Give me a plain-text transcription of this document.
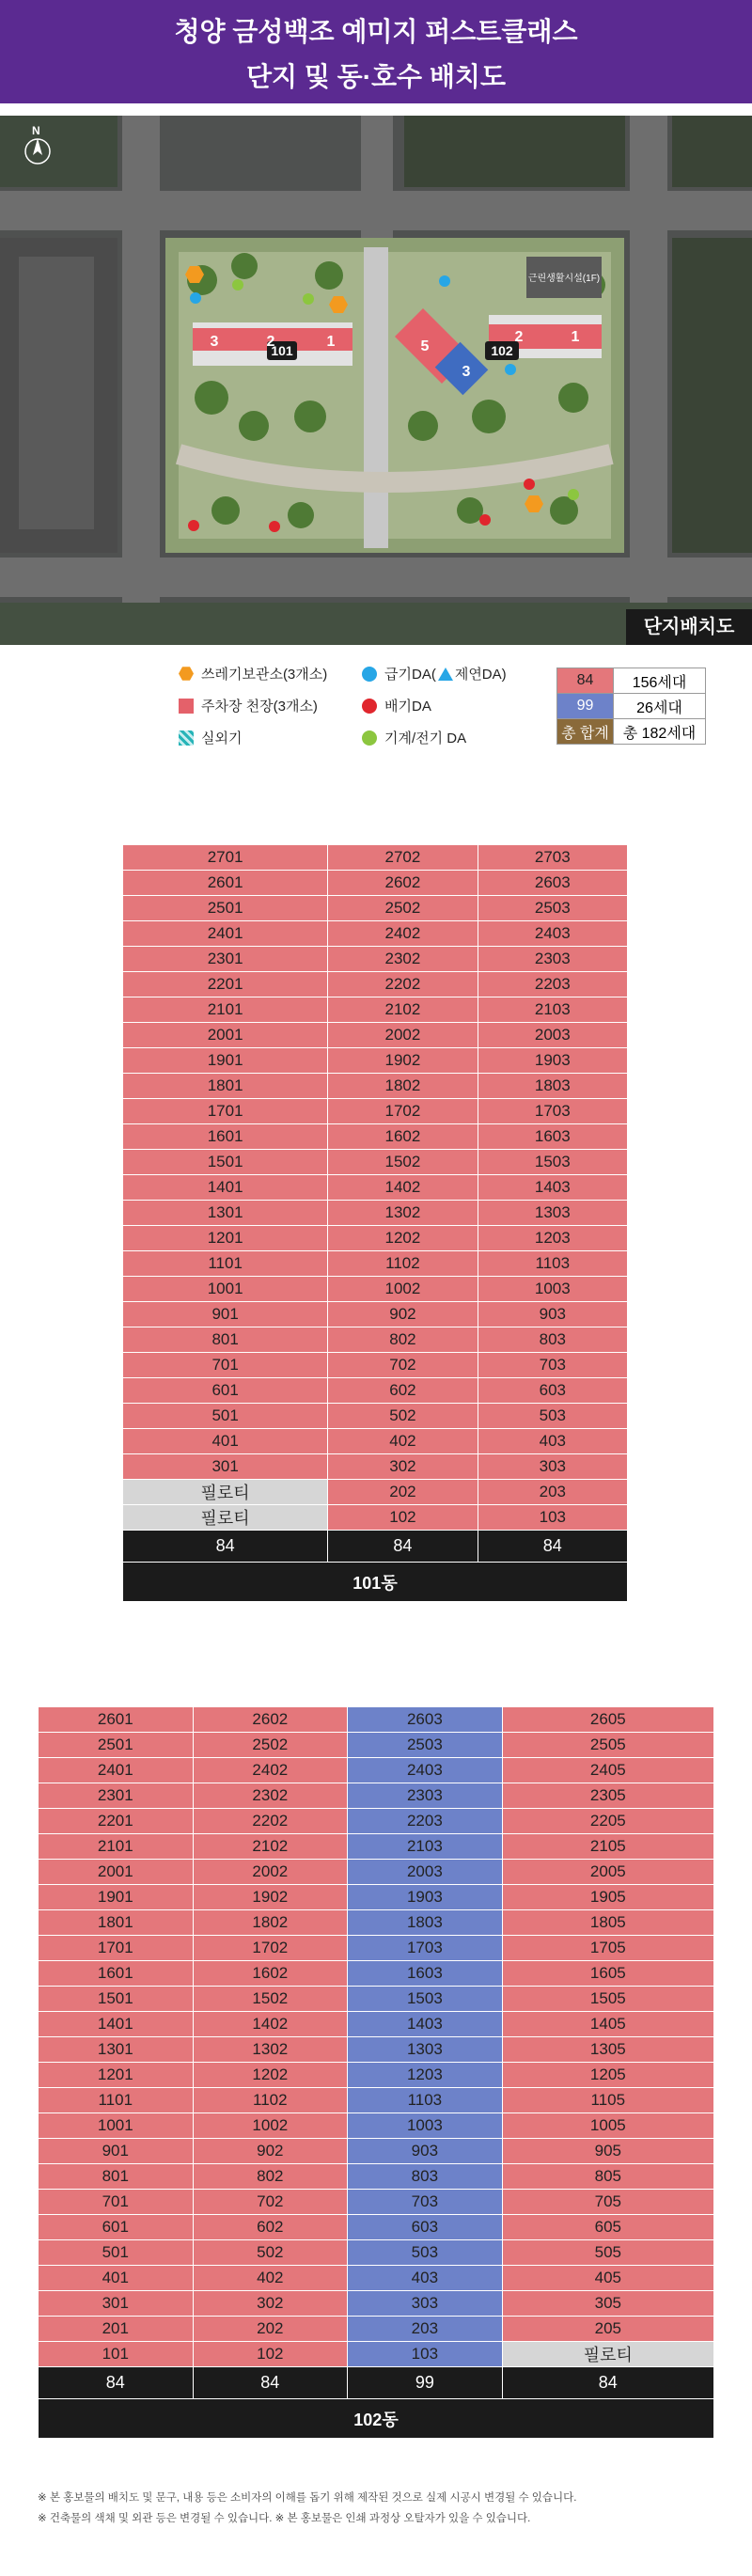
청양 금성백조 예미지 퍼스트클래스
단지 및 동·호수 배치도
101	102
3	2	1	5
3
2	1
근린생활시설(1F)
N
단지배치도
쓰레기보관소(3개소)
주차장 천장(3개소)
실외기
급기DA( 제연DA)
배기DA
기계/전기 DA
84	156세대
99	26세대
총 합계	총 182세대
2701	2702	2703
2601	2602	2603
2501	2502	2503
2401	2402	2403
2301	2302	2303
2201	2202	2203
2101	2102	2103
2001	2002	2003
1901	1902	1903
1801	1802	1803
1701	1702	1703
1601	1602	1603
1501	1502	1503
1401	1402	1403
1301	1302	1303
1201	1202	1203
1101	1102	1103
1001	1002	1003
901	902	903
801	802	803
701	702	703
601	602	603
501	502	503
401	402	403
301	302	303
필로티	202	203
필로티	102	103
84	84	84
101동		
2601	2602	2603	2605
2501	2502	2503	2505
2401	2402	2403	2405
2301	2302	2303	2305
2201	2202	2203	2205
2101	2102	2103	2105
2001	2002	2003	2005
1901	1902	1903	1905
1801	1802	1803	1805
1701	1702	1703	1705
1601	1602	1603	1605
1501	1502	1503	1505
1401	1402	1403	1405
1301	1302	1303	1305
1201	1202	1203	1205
1101	1102	1103	1105
1001	1002	1003	1005
901	902	903	905
801	802	803	805
701	702	703	705
601	602	603	605
501	502	503	505
401	402	403	405
301	302	303	305
201	202	203	205
101	102	103	필로티
84	84	99	84
102동			
※ 본 홍보물의 배치도 및 문구, 내용 등은 소비자의 이해를 돕기 위해 제작된 것으로 실제 시공시 변경될 수 있습니다.
※ 건축물의 색채 및 외관 등은 변경될 수 있습니다. ※ 본 홍보물은 인쇄 과정상 오탈자가 있을 수 있습니다.
